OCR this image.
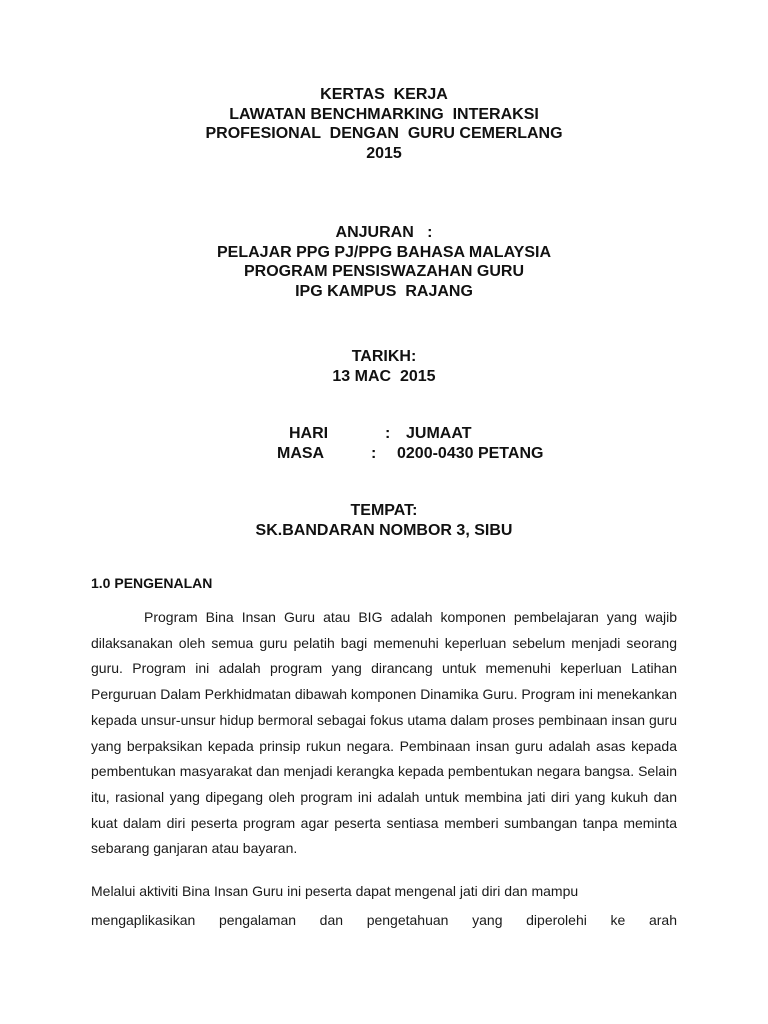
KERTAS  KERJA
LAWATAN BENCHMARKING  INTERAKSI
PROFESIONAL  DENGAN  GURU CEMERLANG
2015
ANJURAN   :
PELAJAR PPG PJ/PPG BAHASA MALAYSIA
PROGRAM PENSISWAZAHAN GURU
IPG KAMPUS  RAJANG
TARIKH:
13 MAC  2015
HARI	: JUMAAT
MASA	: 0200-0430 PETANG
TEMPAT:
SK.BANDARAN NOMBOR 3, SIBU
1.0 PENGENALAN
Program Bina Insan Guru atau BIG adalah komponen pembelajaran yang wajib dilaksanakan oleh semua guru pelatih bagi memenuhi keperluan sebelum menjadi seorang guru. Program ini adalah program yang dirancang untuk memenuhi keperluan Latihan Perguruan Dalam Perkhidmatan dibawah komponen Dinamika Guru. Program ini menekankan kepada unsur-unsur hidup bermoral sebagai fokus utama dalam proses pembinaan insan guru yang berpaksikan kepada prinsip rukun negara. Pembinaan insan guru adalah asas kepada pembentukan masyarakat dan menjadi kerangka kepada pembentukan negara bangsa. Selain itu, rasional yang dipegang oleh program ini adalah untuk membina jati diri yang kukuh dan kuat dalam diri peserta program agar peserta sentiasa memberi sumbangan tanpa meminta sebarang ganjaran atau bayaran.
Melalui aktiviti Bina Insan Guru ini peserta dapat mengenal jati diri dan mampu
mengaplikasikan pengalaman dan pengetahuan yang diperolehi ke arah
